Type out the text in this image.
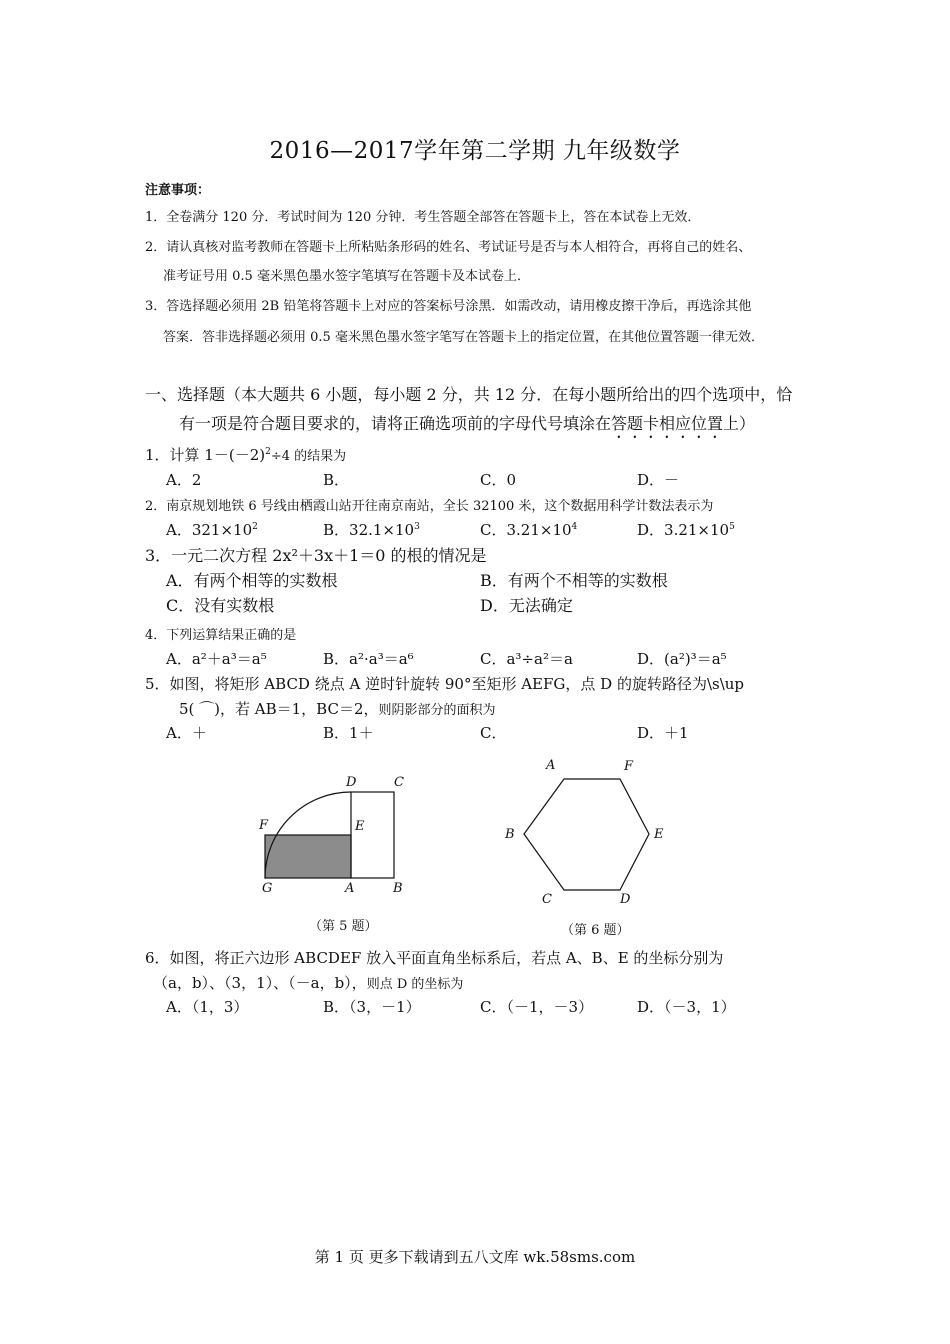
2016—2017学年第二学期 九年级数学
注意事项：
1．全卷满分 120 分．考试时间为 120 分钟．考生答题全部答在答题卡上，答在本试卷上无效．
2．请认真核对监考教师在答题卡上所粘贴条形码的姓名、考试证号是否与本人相符合，再将自己的姓名、
准考证号用 0.5 毫米黑色墨水签字笔填写在答题卡及本试卷上．
3．答选择题必须用 2B 铅笔将答题卡上对应的答案标号涂黑．如需改动，请用橡皮擦干净后，再选涂其他
答案．答非选择题必须用 0.5 毫米黑色墨水签字笔写在答题卡上的指定位置，在其他位置答题一律无效．
一、选择题（本大题共 6 小题，每小题 2 分，共 12 分．在每小题所给出的四个选项中，恰
有一项是符合题目要求的，请将正确选项前的字母代号填涂在答题卡相应位置上）
1．计算 $1-(-2)^2\div 4$ 的结果为
A．2	B．	C．0	D．－
2．南京规划地铁 6 号线由栖霞山站开往南京南站，全长 32100 米，这个数据用科学计数法表示为
A．$321\times 10^2$	B．$32.1\times 10^3$	C．$3.21\times 10^4$	D．$3.21\times 10^5$
3．一元二次方程 2x²＋3x＋1＝0 的根的情况是
A．有两个相等的实数根	B．有两个不相等的实数根
C．没有实数根	D．无法确定
4．下列运算结果正确的是
A．a²＋a³＝a⁵	B．a²·a³＝a⁶	C．a³÷a²＝a	D．(a²)³＝a⁵
5．如图，将矩形 ABCD 绕点 A 逆时针旋转 90°至矩形 AEFG，点 D 的旋转路径为\s\up
5( ⌒)，若 AB＝1，BC＝2，则阴影部分的面积为
A．＋	B．1＋	C．	D．＋1
D	C
F	E
G	A	B
（第 5 题）
A	F
B	E
C	D
（第 6 题）
6．如图，将正六边形 ABCDEF 放入平面直角坐标系后，若点 A、B、E 的坐标分别为
（a，b）、（3，1）、（－a，b），则点 D 的坐标为
A．（1，3）	B．（3，－1）	C．（－1，－3）	D．（－3，1）
第 1 页 更多下载请到五八文库 wk.58sms.com
